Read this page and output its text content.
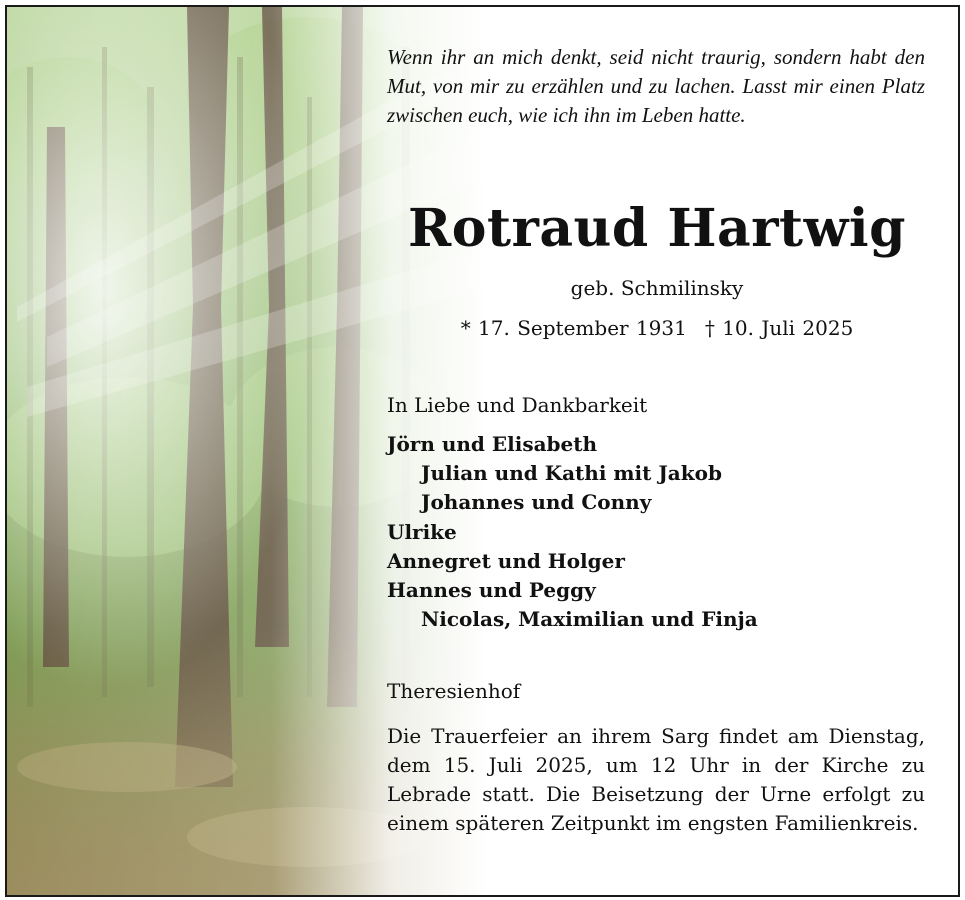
Wenn ihr an mich denkt, seid nicht traurig, sondern habt den Mut, von mir zu erzählen und zu lachen. Lasst mir einen Platz zwischen euch, wie ich ihn im Leben hatte.
Rotraud Hartwig
geb. Schmilinsky
* 17. September 1931 † 10. Juli 2025
In Liebe und Dankbarkeit
Jörn und Elisabeth
Julian und Kathi mit Jakob
Johannes und Conny
Ulrike
Annegret und Holger
Hannes und Peggy
Nicolas, Maximilian und Finja
Theresienhof
Die Trauerfeier an ihrem Sarg findet am Dienstag, dem 15. Juli 2025, um 12 Uhr in der Kirche zu Lebrade statt. Die Beisetzung der Urne erfolgt zu einem späteren Zeitpunkt im engsten Familienkreis.
